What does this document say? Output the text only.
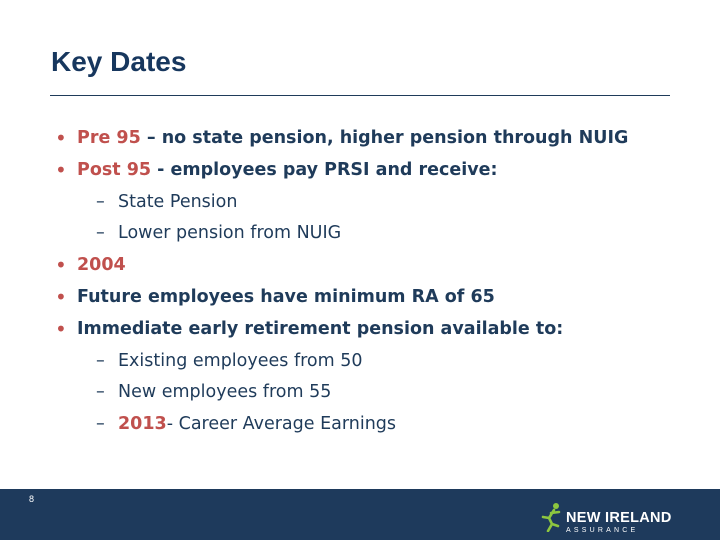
Key Dates
• Pre 95 – no state pension, higher pension through NUIG
• Post 95 - employees pay PRSI and receive:
– State Pension
– Lower pension from NUIG
• 2004
• Future employees have minimum RA of 65
• Immediate early retirement pension available to:
– Existing employees from 50
– New employees from 55
– 2013- Career Average Earnings
8
NEW IRELAND
ASSURANCE
